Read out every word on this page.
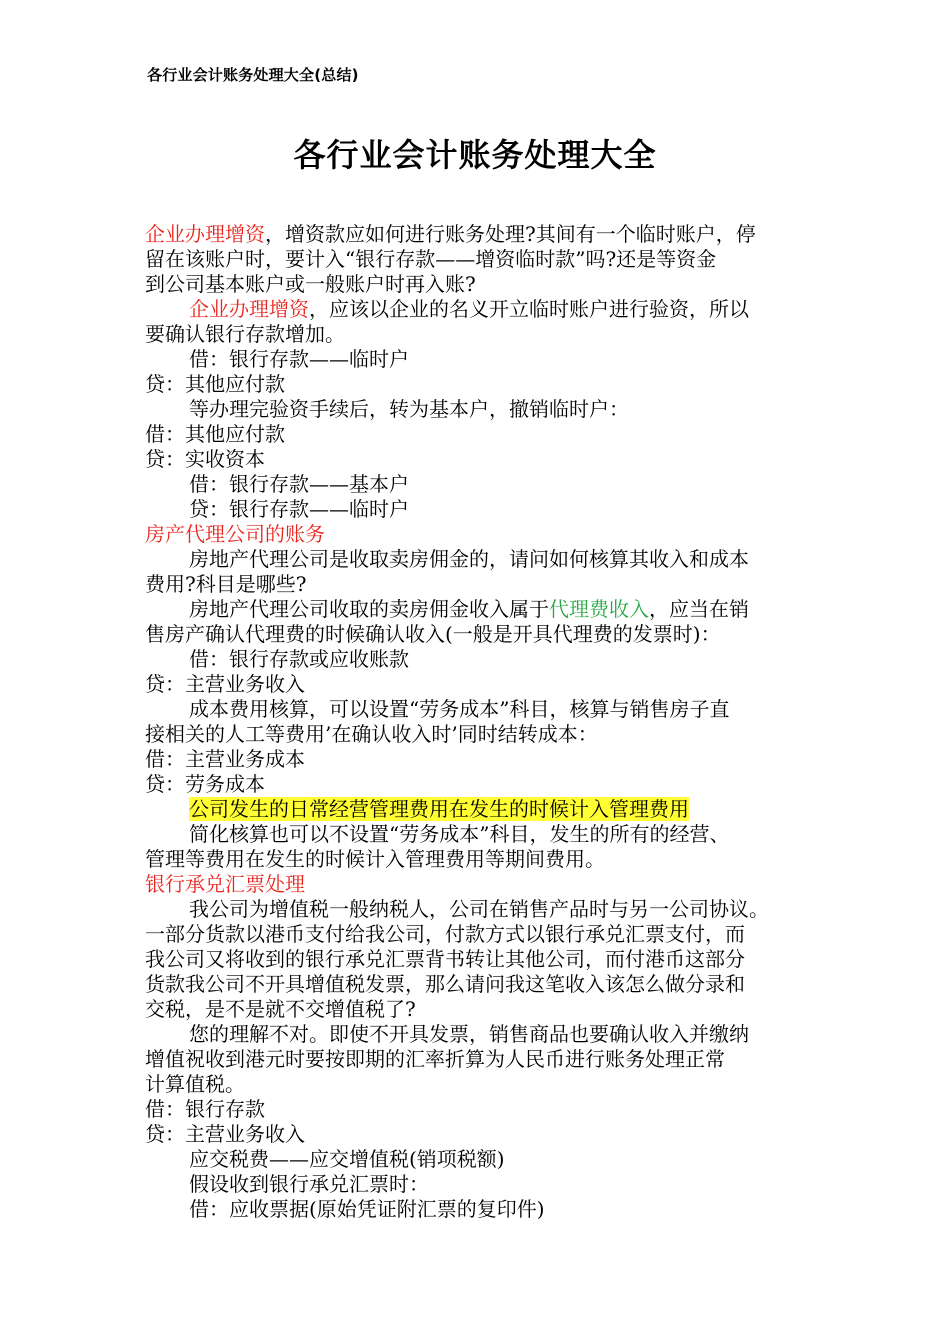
各行业会计账务处理大全(总结)
各行业会计账务处理大全
企业办理增资，增资款应如何进行账务处理?其间有一个临时账户，停
留在该账户时，要计入“银行存款——增资临时款”吗?还是等资金
到公司基本账户或一般账户时再入账?
企业办理增资，应该以企业的名义开立临时账户进行验资，所以
要确认银行存款增加。
借：银行存款——临时户
贷：其他应付款
等办理完验资手续后，转为基本户，撤销临时户：
借：其他应付款
贷：实收资本
借：银行存款——基本户
贷：银行存款——临时户
房产代理公司的账务
房地产代理公司是收取卖房佣金的，请问如何核算其收入和成本
费用?科目是哪些?
房地产代理公司收取的卖房佣金收入属于代理费收入，应当在销
售房产确认代理费的时候确认收入(一般是开具代理费的发票时)：
借：银行存款或应收账款
贷：主营业务收入
成本费用核算，可以设置“劳务成本”科目，核算与销售房子直
接相关的人工等费用’在确认收入时’同时结转成本：
借：主营业务成本
贷：劳务成本
公司发生的日常经营管理费用在发生的时候计入管理费用
简化核算也可以不设置“劳务成本”科目，发生的所有的经营、
管理等费用在发生的时候计入管理费用等期间费用。
银行承兑汇票处理
我公司为增值税一般纳税人，公司在销售产品时与另一公司协议。
一部分货款以港币支付给我公司，付款方式以银行承兑汇票支付，而
我公司又将收到的银行承兑汇票背书转让其他公司，而付港币这部分
货款我公司不开具增值税发票，那么请问我这笔收入该怎么做分录和
交税，是不是就不交增值税了?
您的理解不对。即使不开具发票，销售商品也要确认收入并缴纳
增值祝收到港元时要按即期的汇率折算为人民币进行账务处理正常
计算值税。
借：银行存款
贷：主营业务收入
应交税费——应交增值税(销项税额)
假设收到银行承兑汇票时：
借：应收票据(原始凭证附汇票的复印件)
